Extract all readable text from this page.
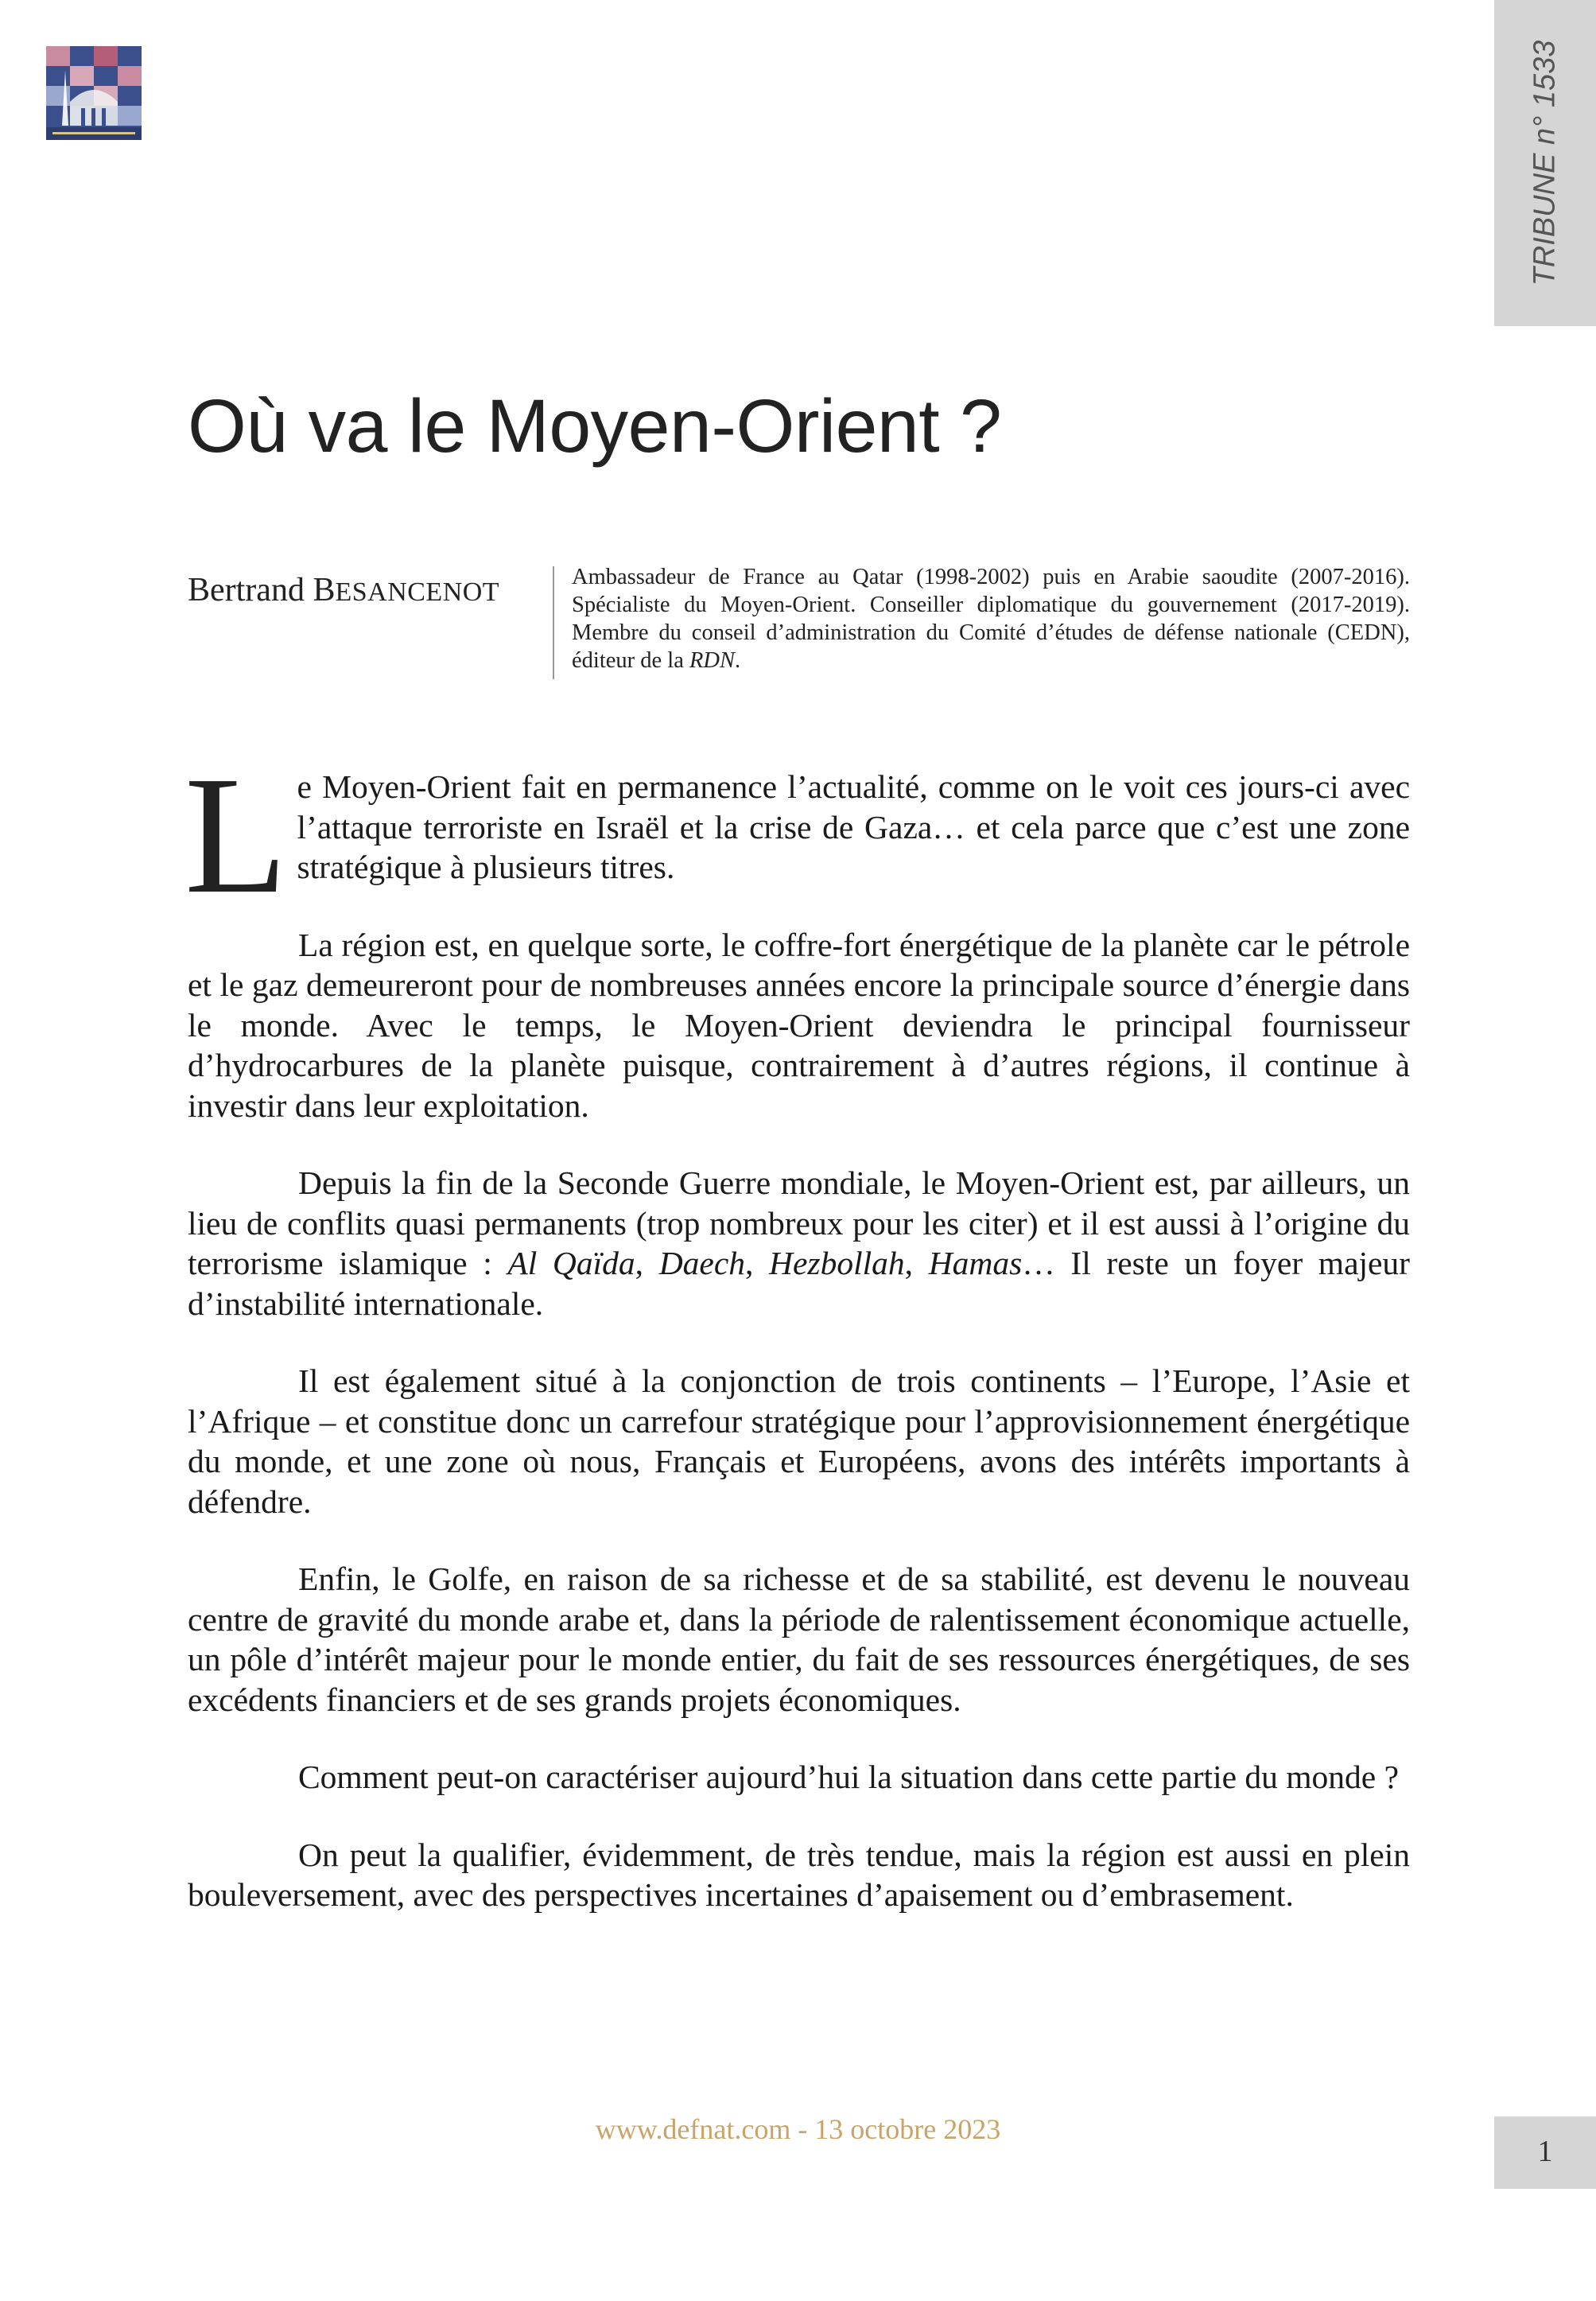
TRIBUNE n° 1533
Où va le Moyen-Orient ?
Bertrand BESANCENOT
Ambassadeur de France au Qatar (1998-2002) puis en Arabie saoudite (2007-2016). Spécialiste du Moyen-Orient. Conseiller diplomatique du gouvernement (2017-2019). Membre du conseil d’administration du Comité d’études de défense nationale (CEDN), éditeur de la RDN.

Le Moyen-Orient fait en permanence l’actualité, comme on le voit ces jours-ci avec l’attaque terroriste en Israël et la crise de Gaza… et cela parce que c’est une zone stratégique à plusieurs titres.

La région est, en quelque sorte, le coffre-fort énergétique de la planète car le pétrole et le gaz demeureront pour de nombreuses années encore la principale source d’énergie dans le monde. Avec le temps, le Moyen-Orient deviendra le principal fournisseur d’hydrocarbures de la planète puisque, contrairement à d’autres régions, il continue à investir dans leur exploitation.

Depuis la fin de la Seconde Guerre mondiale, le Moyen-Orient est, par ailleurs, un lieu de conflits quasi permanents (trop nombreux pour les citer) et il est aussi à l’origine du terrorisme islamique : Al Qaïda, Daech, Hezbollah, Hamas… Il reste un foyer majeur d’instabilité internationale.

Il est également situé à la conjonction de trois continents – l’Europe, l’Asie et l’Afrique – et constitue donc un carrefour stratégique pour l’approvisionnement énergétique du monde, et une zone où nous, Français et Européens, avons des intérêts importants à défendre.

Enfin, le Golfe, en raison de sa richesse et de sa stabilité, est devenu le nouveau centre de gravité du monde arabe et, dans la période de ralentissement économique actuelle, un pôle d’intérêt majeur pour le monde entier, du fait de ses ressources énergétiques, de ses excédents financiers et de ses grands projets économiques.

Comment peut-on caractériser aujourd’hui la situation dans cette partie du monde ?

On peut la qualifier, évidemment, de très tendue, mais la région est aussi en plein bouleversement, avec des perspectives incertaines d’apaisement ou d’embrasement.

www.defnat.com - 13 octobre 2023
1
